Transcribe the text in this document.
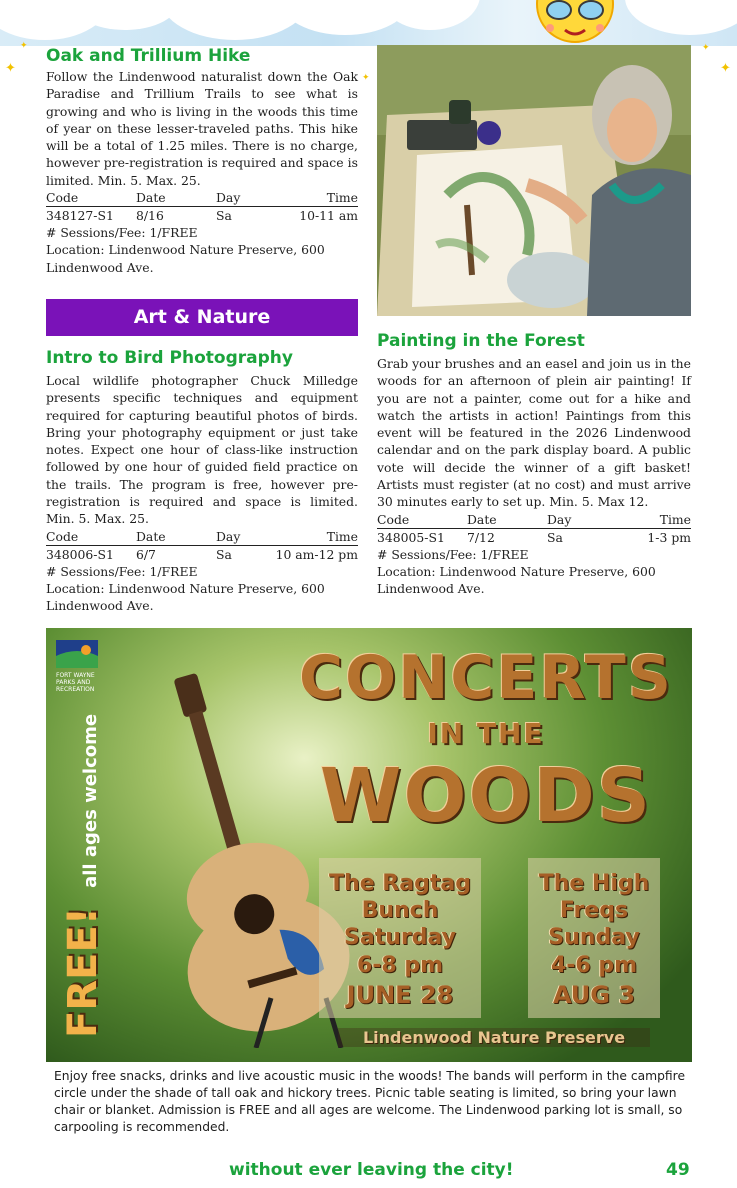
✦
✦
✦
✦
✦
Oak and Trillium Hike
Follow the Lindenwood naturalist down the Oak Paradise and Trillium Trails to see what is growing and who is living in the woods this time of year on these lesser-traveled paths. This hike will be a total of 1.25 miles. There is no charge, however pre-registration is required and space is limited. Min. 5. Max. 25.
Code	Date	Day	Time
348127-S1 8/16	Sa	10-11 am
# Sessions/Fee: 1/FREE
Location: Lindenwood Nature Preserve, 600 Lindenwood Ave.
Art & Nature
Intro to Bird Photography
Local wildlife photographer Chuck Milledge presents specific techniques and equipment required for capturing beautiful photos of birds. Bring your photography equipment or just take notes. Expect one hour of class-like instruction followed by one hour of guided field practice on the trails. The program is free, however pre-registration is required and space is limited. Min. 5. Max. 25.
Code	Date	Day	Time
348006-S1 6/7	Sa	10 am-12 pm
# Sessions/Fee: 1/FREE
Location: Lindenwood Nature Preserve, 600 Lindenwood Ave.
Painting in the Forest
Grab your brushes and an easel and join us in the woods for an afternoon of plein air painting! If you are not a painter, come out for a hike and watch the artists in action! Paintings from this event will be featured in the 2026 Lindenwood calendar and on the park display board. A public vote will decide the winner of a gift basket! Artists must register (at no cost) and must arrive 30 minutes early to set up. Min. 5. Max 12.
Code	Date	Day	Time
348005-S1 7/12	Sa	1-3 pm
# Sessions/Fee: 1/FREE
Location: Lindenwood Nature Preserve, 600 Lindenwood Ave.
FORT WAYNE
PARKS AND
RECREATION
FREE! all ages welcome
CONCERTS
IN THE
WOODS
The Ragtag
Bunch
Saturday
6-8 pm
JUNE 28
The High
Freqs
Sunday
4-6 pm
AUG 3
Lindenwood Nature Preserve
Enjoy free snacks, drinks and live acoustic music in the woods! The bands will perform in the campfire circle under the shade of tall oak and hickory trees. Picnic table seating is limited, so bring your lawn chair or blanket. Admission is FREE and all ages are welcome. The Lindenwood parking lot is small, so carpooling is recommended.
without ever leaving the city!	49
